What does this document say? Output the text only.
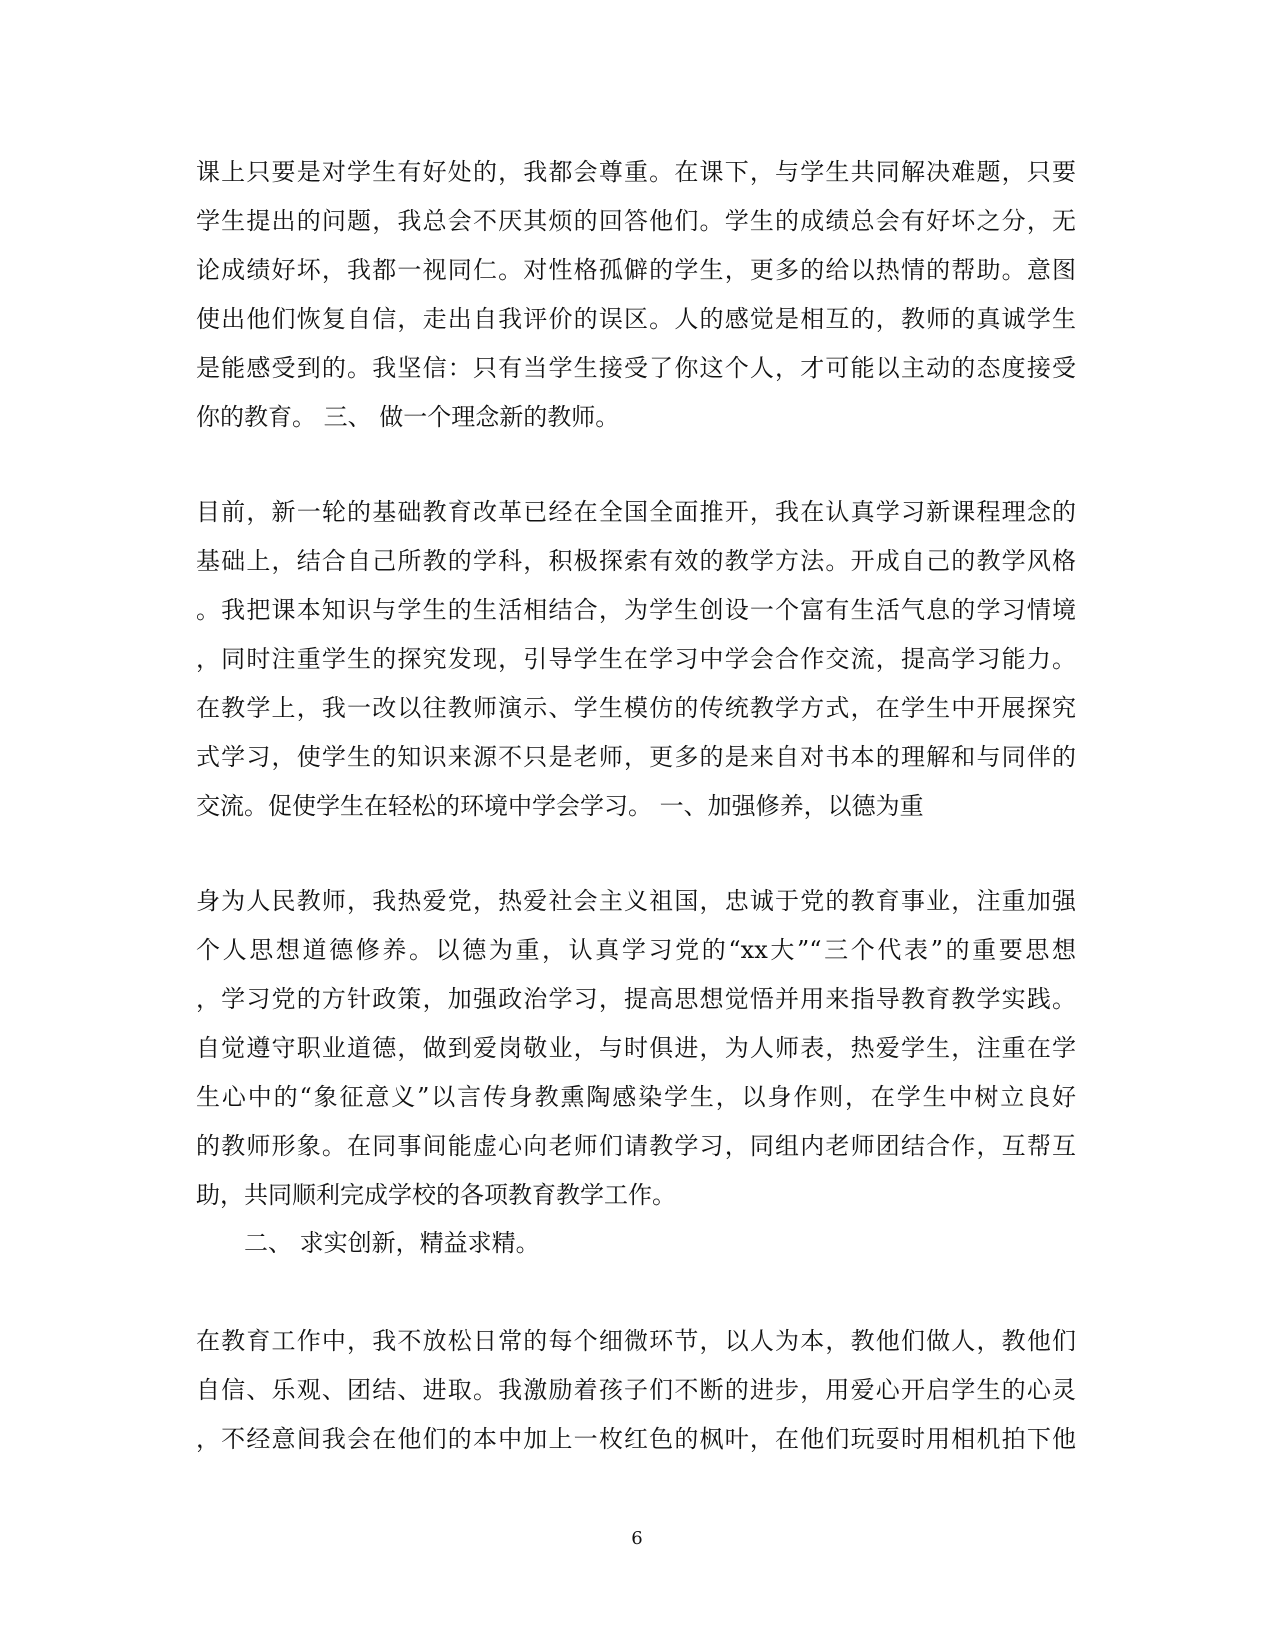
课上只要是对学生有好处的，我都会尊重。在课下，与学生共同解决难题，只要
学生提出的问题，我总会不厌其烦的回答他们。学生的成绩总会有好坏之分，无
论成绩好坏，我都一视同仁。对性格孤僻的学生，更多的给以热情的帮助。意图
使出他们恢复自信，走出自我评价的误区。人的感觉是相互的，教师的真诚学生
是能感受到的。我坚信：只有当学生接受了你这个人，才可能以主动的态度接受
你的教育。 三、 做一个理念新的教师。
目前，新一轮的基础教育改革已经在全国全面推开，我在认真学习新课程理念的
基础上，结合自己所教的学科，积极探索有效的教学方法。开成自己的教学风格
。我把课本知识与学生的生活相结合，为学生创设一个富有生活气息的学习情境
，同时注重学生的探究发现，引导学生在学习中学会合作交流，提高学习能力。
在教学上，我一改以往教师演示、学生模仿的传统教学方式，在学生中开展探究
式学习，使学生的知识来源不只是老师，更多的是来自对书本的理解和与同伴的
交流。促使学生在轻松的环境中学会学习。 一、加强修养，以德为重
身为人民教师，我热爱党，热爱社会主义祖国，忠诚于党的教育事业，注重加强
个人思想道德修养。以德为重，认真学习党的“xx大”“三个代表”的重要思想
，学习党的方针政策，加强政治学习，提高思想觉悟并用来指导教育教学实践。
自觉遵守职业道德，做到爱岗敬业，与时俱进，为人师表，热爱学生，注重在学
生心中的“象征意义”以言传身教熏陶感染学生，以身作则，在学生中树立良好
的教师形象。在同事间能虚心向老师们请教学习，同组内老师团结合作，互帮互
助，共同顺利完成学校的各项教育教学工作。
二、 求实创新，精益求精。
在教育工作中，我不放松日常的每个细微环节，以人为本，教他们做人，教他们
自信、乐观、团结、进取。我激励着孩子们不断的进步，用爱心开启学生的心灵
，不经意间我会在他们的本中加上一枚红色的枫叶，在他们玩耍时用相机拍下他
6
